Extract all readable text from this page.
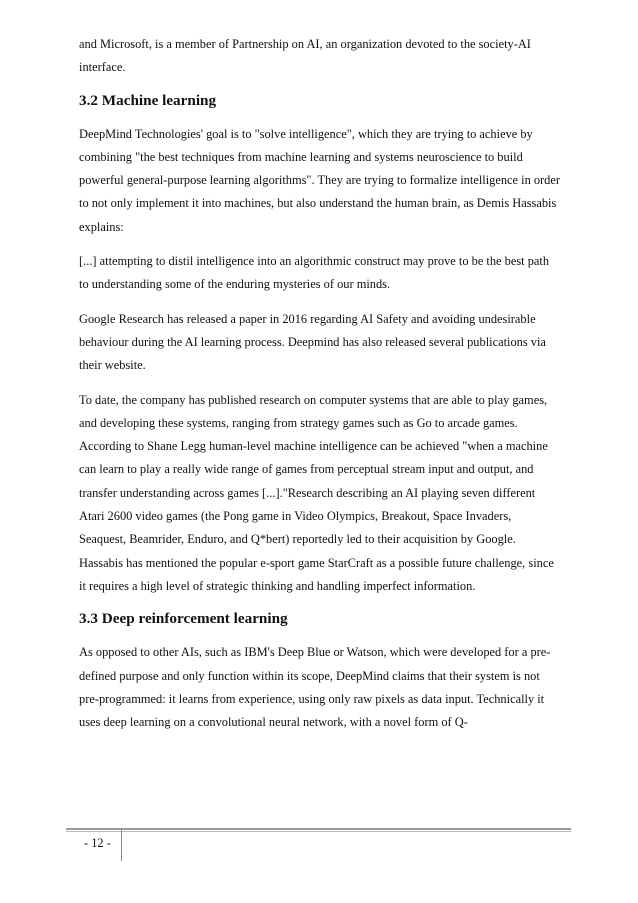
and Microsoft, is a member of Partnership on AI, an organization devoted to the society-AI interface.

3.2 Machine learning

DeepMind Technologies' goal is to "solve intelligence", which they are trying to achieve by combining "the best techniques from machine learning and systems neuroscience to build powerful general-purpose learning algorithms". They are trying to formalize intelligence in order to not only implement it into machines, but also understand the human brain, as Demis Hassabis explains:

[...] attempting to distil intelligence into an algorithmic construct may prove to be the best path to understanding some of the enduring mysteries of our minds.

Google Research has released a paper in 2016 regarding AI Safety and avoiding undesirable behaviour during the AI learning process. Deepmind has also released several publications via their website.

To date, the company has published research on computer systems that are able to play games, and developing these systems, ranging from strategy games such as Go to arcade games. According to Shane Legg human-level machine intelligence can be achieved "when a machine can learn to play a really wide range of games from perceptual stream input and output, and transfer understanding across games [...]."Research describing an AI playing seven different Atari 2600 video games (the Pong game in Video Olympics, Breakout, Space Invaders, Seaquest, Beamrider, Enduro, and Q*bert) reportedly led to their acquisition by Google. Hassabis has mentioned the popular e-sport game StarCraft as a possible future challenge, since it requires a high level of strategic thinking and handling imperfect information.

3.3 Deep reinforcement learning

As opposed to other AIs, such as IBM's Deep Blue or Watson, which were developed for a pre-defined purpose and only function within its scope, DeepMind claims that their system is not pre-programmed: it learns from experience, using only raw pixels as data input. Technically it uses deep learning on a convolutional neural network, with a novel form of Q-

- 12 -
